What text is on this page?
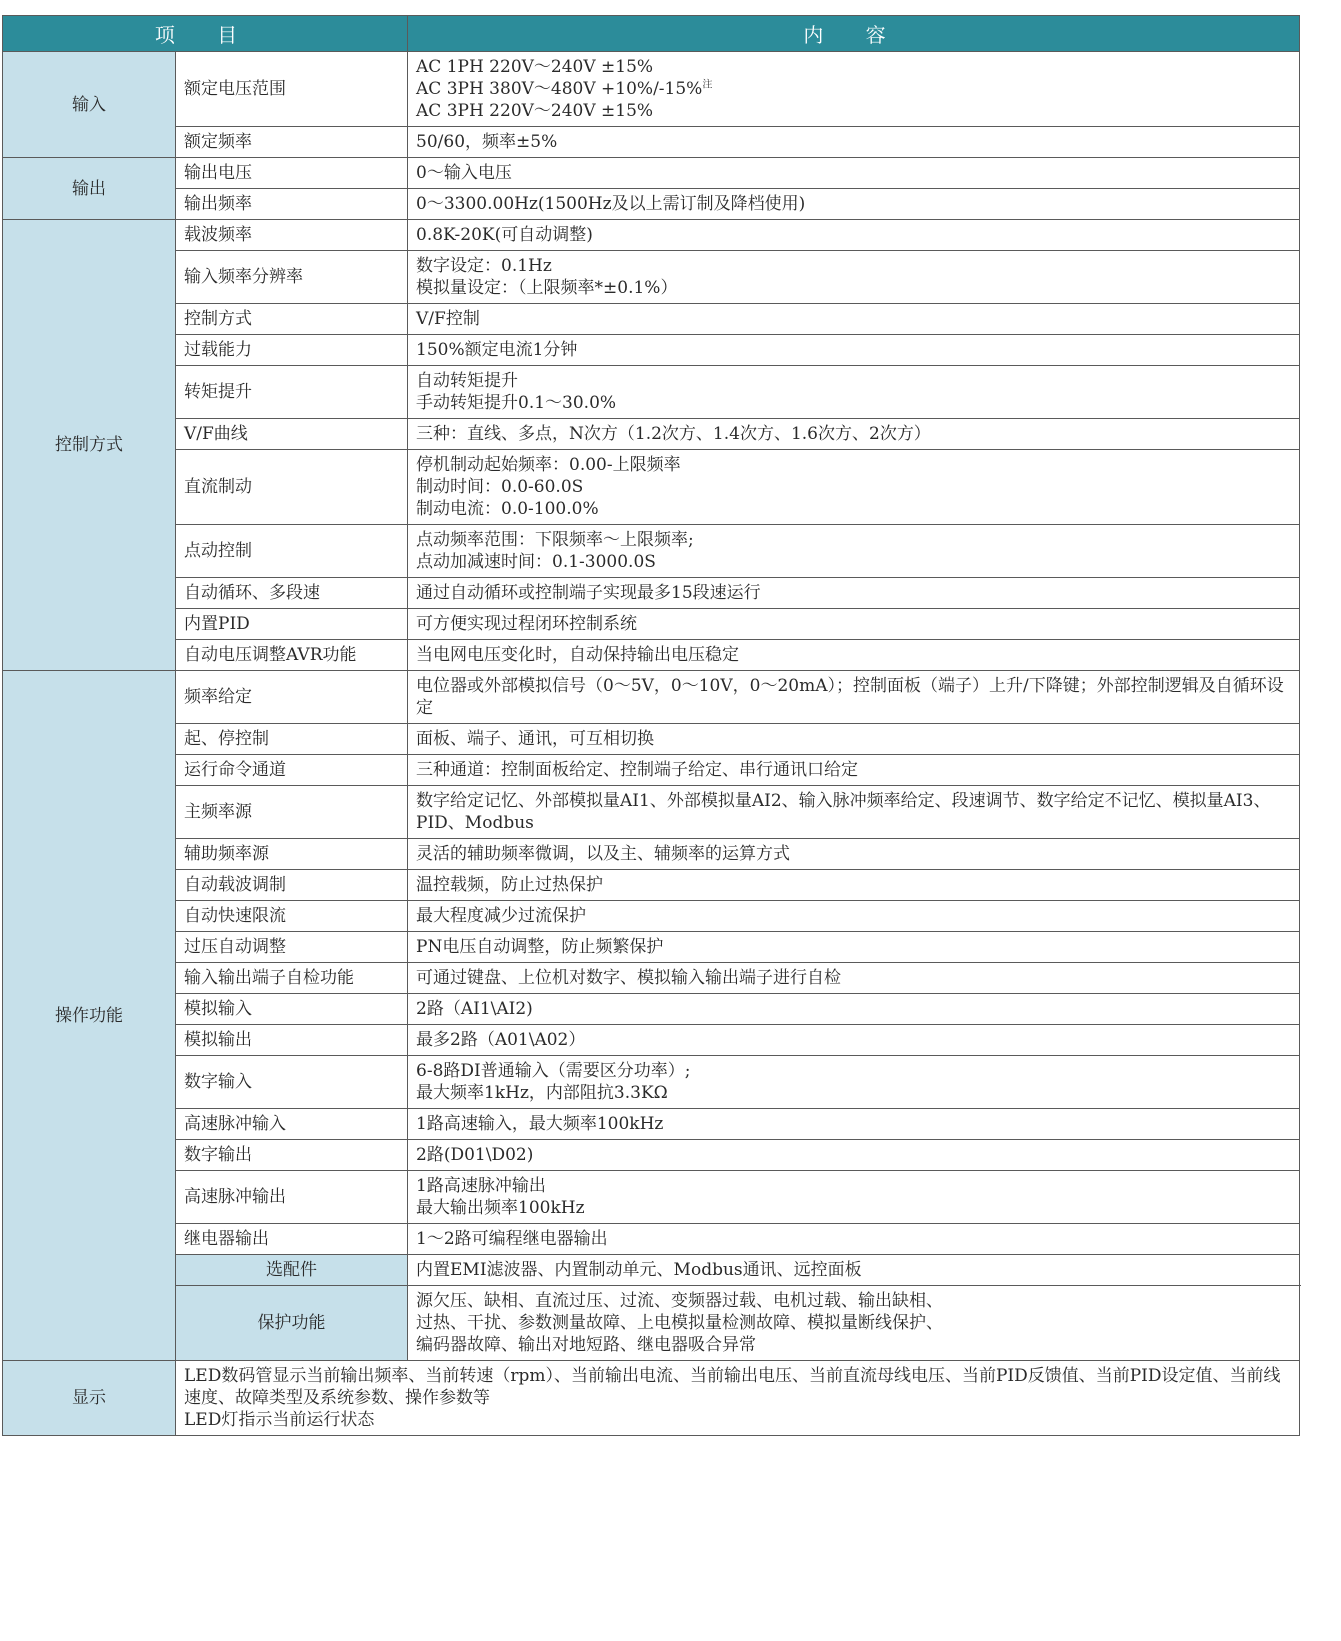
项 目		内 容
输入	额定电压范围	AC 1PH 220V～240V ±15%
AC 3PH 380V～480V +10%/-15%$^注$
AC 3PH 220V～240V ±15%

	额定频率	50/60，频率±5%

输出	输出电压	0～输入电压

	输出频率	0～3300.00Hz(1500Hz及以上需订制及降档使用)

控制方式	载波频率	0.8K-20K(可自动调整)

	输入频率分辨率	数字设定：0.1Hz
模拟量设定：（上限频率*±0.1%）

	控制方式	V/F控制

	过载能力	150%额定电流1分钟

	转矩提升	自动转矩提升
手动转矩提升0.1～30.0%

	V/F曲线	三种：直线、多点，N次方（1.2次方、1.4次方、1.6次方、2次方）

	直流制动	停机制动起始频率：0.00-上限频率
制动时间：0.0-60.0S
制动电流：0.0-100.0%

	点动控制	点动频率范围：下限频率～上限频率;
点动加减速时间：0.1-3000.0S

	自动循环、多段速	通过自动循环或控制端子实现最多15段速运行

	内置PID	可方便实现过程闭环控制系统

	自动电压调整AVR功能	当电网电压变化时，自动保持输出电压稳定

操作功能	频率给定	电位器或外部模拟信号（0～5V，0～10V，0～20mA）；控制面板（端子）上升/下降键；外部控制逻辑及自循环设定

	起、停控制	面板、端子、通讯，可互相切换

	运行命令通道	三种通道：控制面板给定、控制端子给定、串行通讯口给定

	主频率源	数字给定记忆、外部模拟量AI1、外部模拟量AI2、输入脉冲频率给定、段速调节、数字给定不记忆、模拟量AI3、PID、Modbus

	辅助频率源	灵活的辅助频率微调，以及主、辅频率的运算方式

	自动载波调制	温控载频，防止过热保护

	自动快速限流	最大程度减少过流保护

	过压自动调整	PN电压自动调整，防止频繁保护

	输入输出端子自检功能	可通过键盘、上位机对数字、模拟输入输出端子进行自检

	模拟输入	2路（AI1\AI2)

	模拟输出	最多2路（A01\A02）

	数字输入	6-8路DI普通输入（需要区分功率）;
最大频率1kHz，内部阻抗3.3KΩ

	高速脉冲输入	1路高速输入，最大频率100kHz

	数字输出	2路(D01\D02)

	高速脉冲输出	1路高速脉冲输出
最大输出频率100kHz

	继电器输出	1～2路可编程继电器输出

	选配件	内置EMI滤波器、内置制动单元、Modbus通讯、远控面板

	保护功能	源欠压、缺相、直流过压、过流、变频器过载、电机过载、输出缺相、
过热、干扰、参数测量故障、上电模拟量检测故障、模拟量断线保护、
编码器故障、输出对地短路、继电器吸合异常

显示	LED数码管显示当前输出频率、当前转速（rpm）、当前输出电流、当前输出电压、当前直流母线电压、当前PID反馈值、当前PID设定值、当前线速度、故障类型及系统参数、操作参数等
LED灯指示当前运行状态	
